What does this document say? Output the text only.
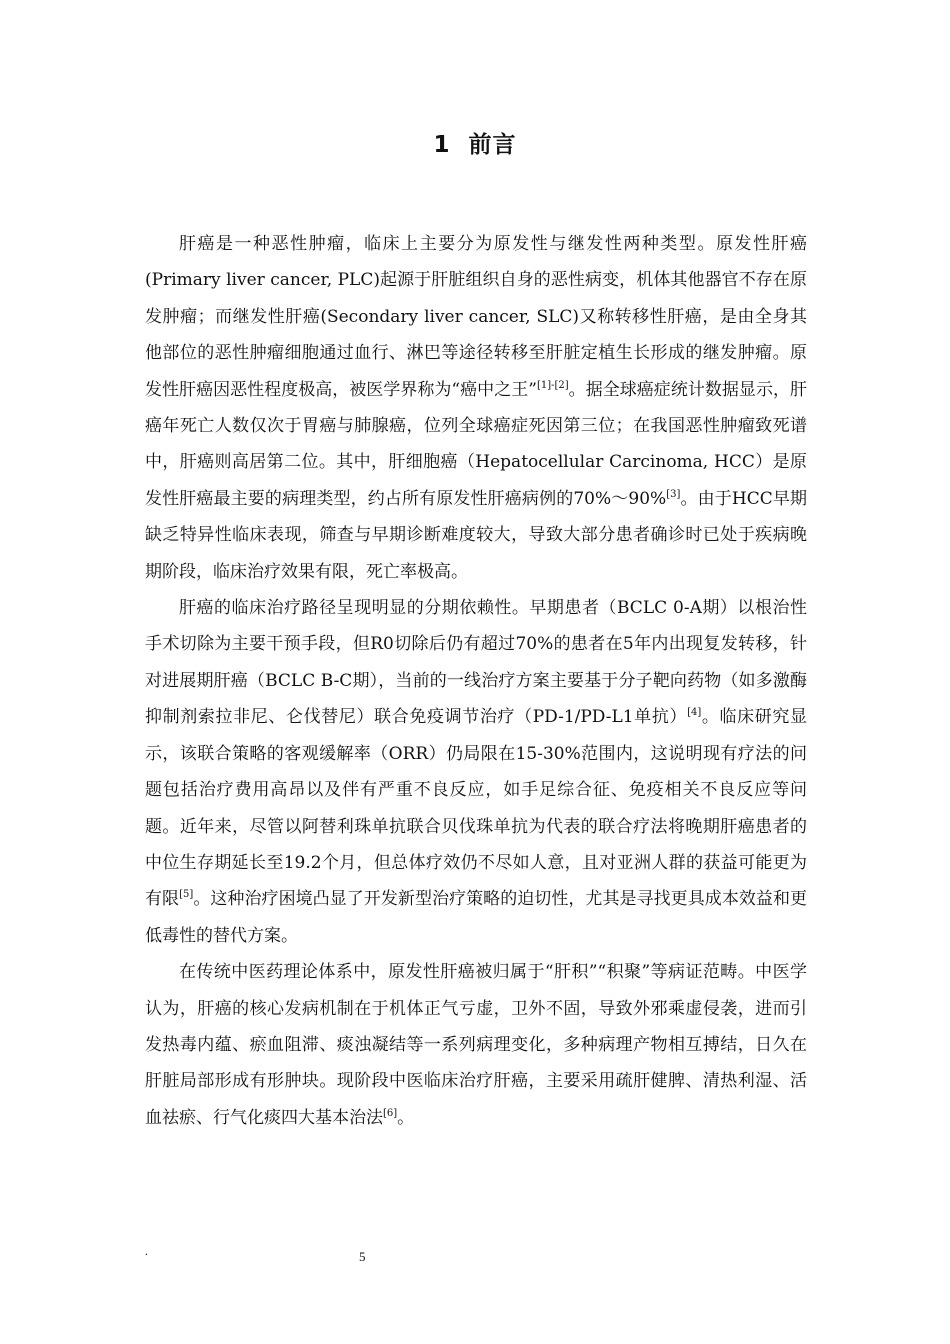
1 前言

肝癌是一种恶性肿瘤，临床上主要分为原发性与继发性两种类型。原发性肝癌(Primary liver cancer, PLC)起源于肝脏组织自身的恶性病变，机体其他器官不存在原发肿瘤；而继发性肝癌(Secondary liver cancer, SLC)又称转移性肝癌，是由全身其他部位的恶性肿瘤细胞通过血行、淋巴等途径转移至肝脏定植生长形成的继发肿瘤。原发性肝癌因恶性程度极高，被医学界称为“癌中之王”[1]-[2]。据全球癌症统计数据显示，肝癌年死亡人数仅次于胃癌与肺腺癌，位列全球癌症死因第三位；在我国恶性肿瘤致死谱中，肝癌则高居第二位。其中，肝细胞癌（Hepatocellular Carcinoma, HCC）是原发性肝癌最主要的病理类型，约占所有原发性肝癌病例的70%～90%[3]。由于HCC早期缺乏特异性临床表现，筛查与早期诊断难度较大，导致大部分患者确诊时已处于疾病晚期阶段，临床治疗效果有限，死亡率极高。

肝癌的临床治疗路径呈现明显的分期依赖性。早期患者（BCLC 0-A期）以根治性手术切除为主要干预手段，但R0切除后仍有超过70%的患者在5年内出现复发转移，针对进展期肝癌（BCLC B-C期），当前的一线治疗方案主要基于分子靶向药物（如多激酶抑制剂索拉非尼、仑伐替尼）联合免疫调节治疗（PD-1/PD-L1单抗）[4]。临床研究显示，该联合策略的客观缓解率（ORR）仍局限在15-30%范围内，这说明现有疗法的问题包括治疗费用高昂以及伴有严重不良反应，如手足综合征、免疫相关不良反应等问题。近年来，尽管以阿替利珠单抗联合贝伐珠单抗为代表的联合疗法将晚期肝癌患者的中位生存期延长至19.2个月，但总体疗效仍不尽如人意，且对亚洲人群的获益可能更为有限[5]。这种治疗困境凸显了开发新型治疗策略的迫切性，尤其是寻找更具成本效益和更低毒性的替代方案。

在传统中医药理论体系中，原发性肝癌被归属于“肝积”“积聚”等病证范畴。中医学认为，肝癌的核心发病机制在于机体正气亏虚，卫外不固，导致外邪乘虚侵袭，进而引发热毒内蕴、瘀血阻滞、痰浊凝结等一系列病理变化，多种病理产物相互搏结，日久在肝脏局部形成有形肿块。现阶段中医临床治疗肝癌，主要采用疏肝健脾、清热利湿、活血祛瘀、行气化痰四大基本治法[6]。

.	5
